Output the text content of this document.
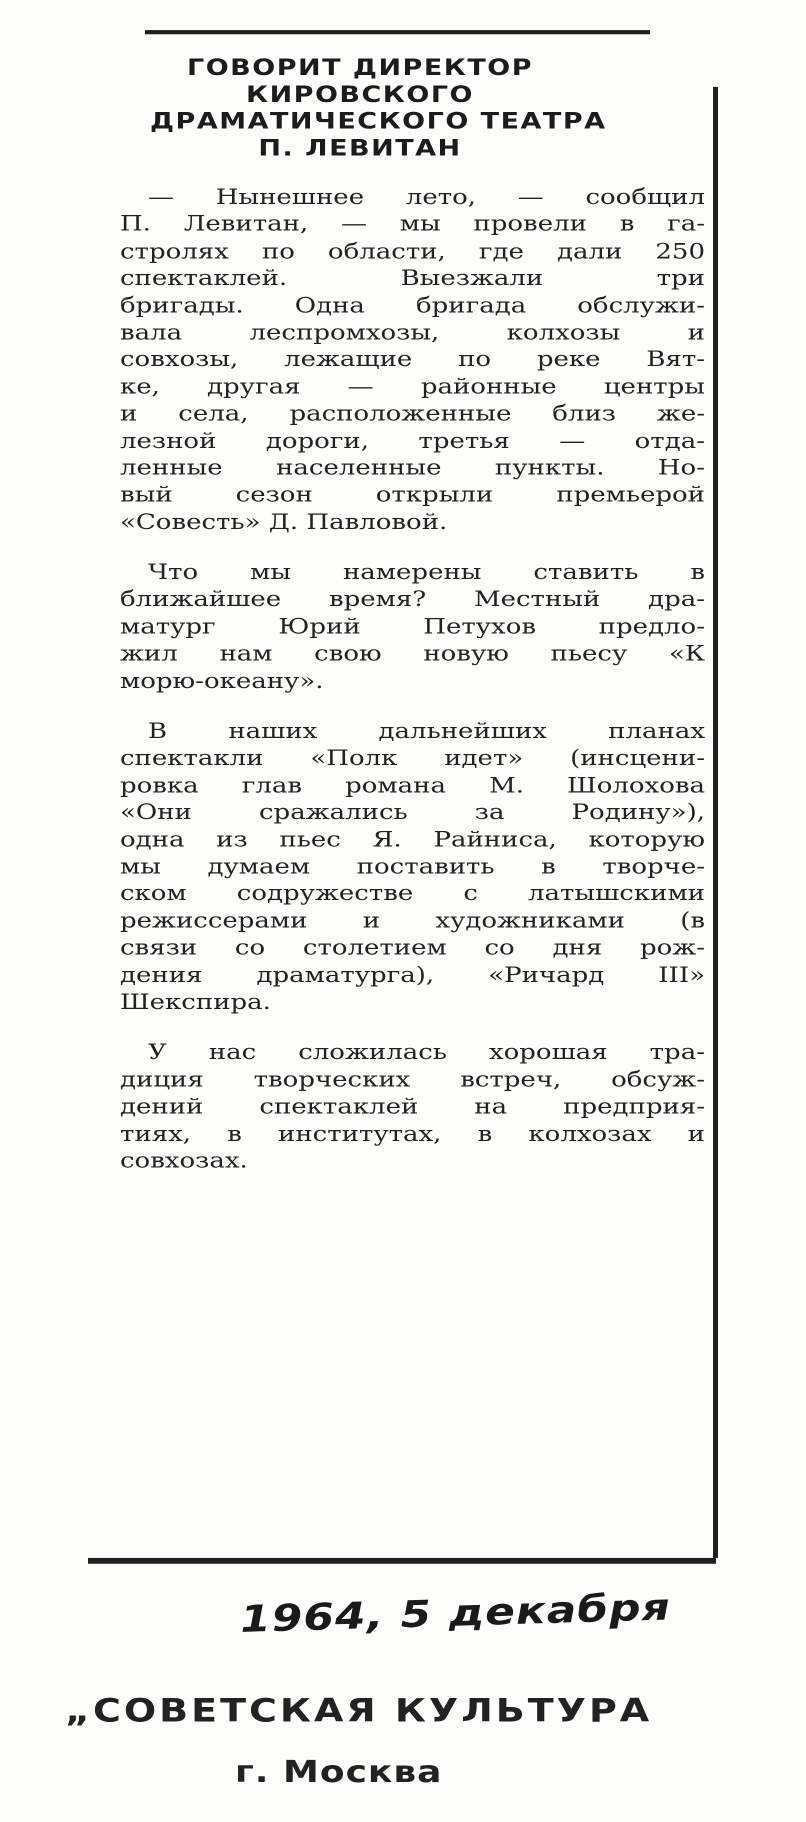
ГОВОРИТ ДИРЕКТОР
КИРОВСКОГО
ДРАМАТИЧЕСКОГО ТЕАТРА
П. ЛЕВИТАН
— Нынешнее лето, — сообщил
П. Левитан, — мы провели в га-
стролях по области, где дали 250
спектаклей. Выезжали три
бригады. Одна бригада обслужи-
вала леспромхозы, колхозы и
совхозы, лежащие по реке Вят-
ке, другая — районные центры
и села, расположенные близ же-
лезной дороги, третья — отда-
ленные населенные пункты. Но-
вый сезон открыли премьерой
«Совесть» Д. Павловой.
Что мы намерены ставить в
ближайшее время? Местный дра-
матург Юрий Петухов предло-
жил нам свою новую пьесу «К
морю-океану».
В наших дальнейших планах
спектакли «Полк идет» (инсцени-
ровка глав романа М. Шолохова
«Они сражались за Родину»),
одна из пьес Я. Райниса, которую
мы думаем поставить в творче-
ском содружестве с латышскими
режиссерами и художниками (в
связи со столетием со дня рож-
дения драматурга), «Ричард III»
Шекспира.
У нас сложилась хорошая тра-
диция творческих встреч, обсуж-
дений спектаклей на предприя-
тиях, в институтах, в колхозах и
совхозах.
1964, 5 декабря
„СОВЕТСКАЯ КУЛЬТУРА
г. Москва
